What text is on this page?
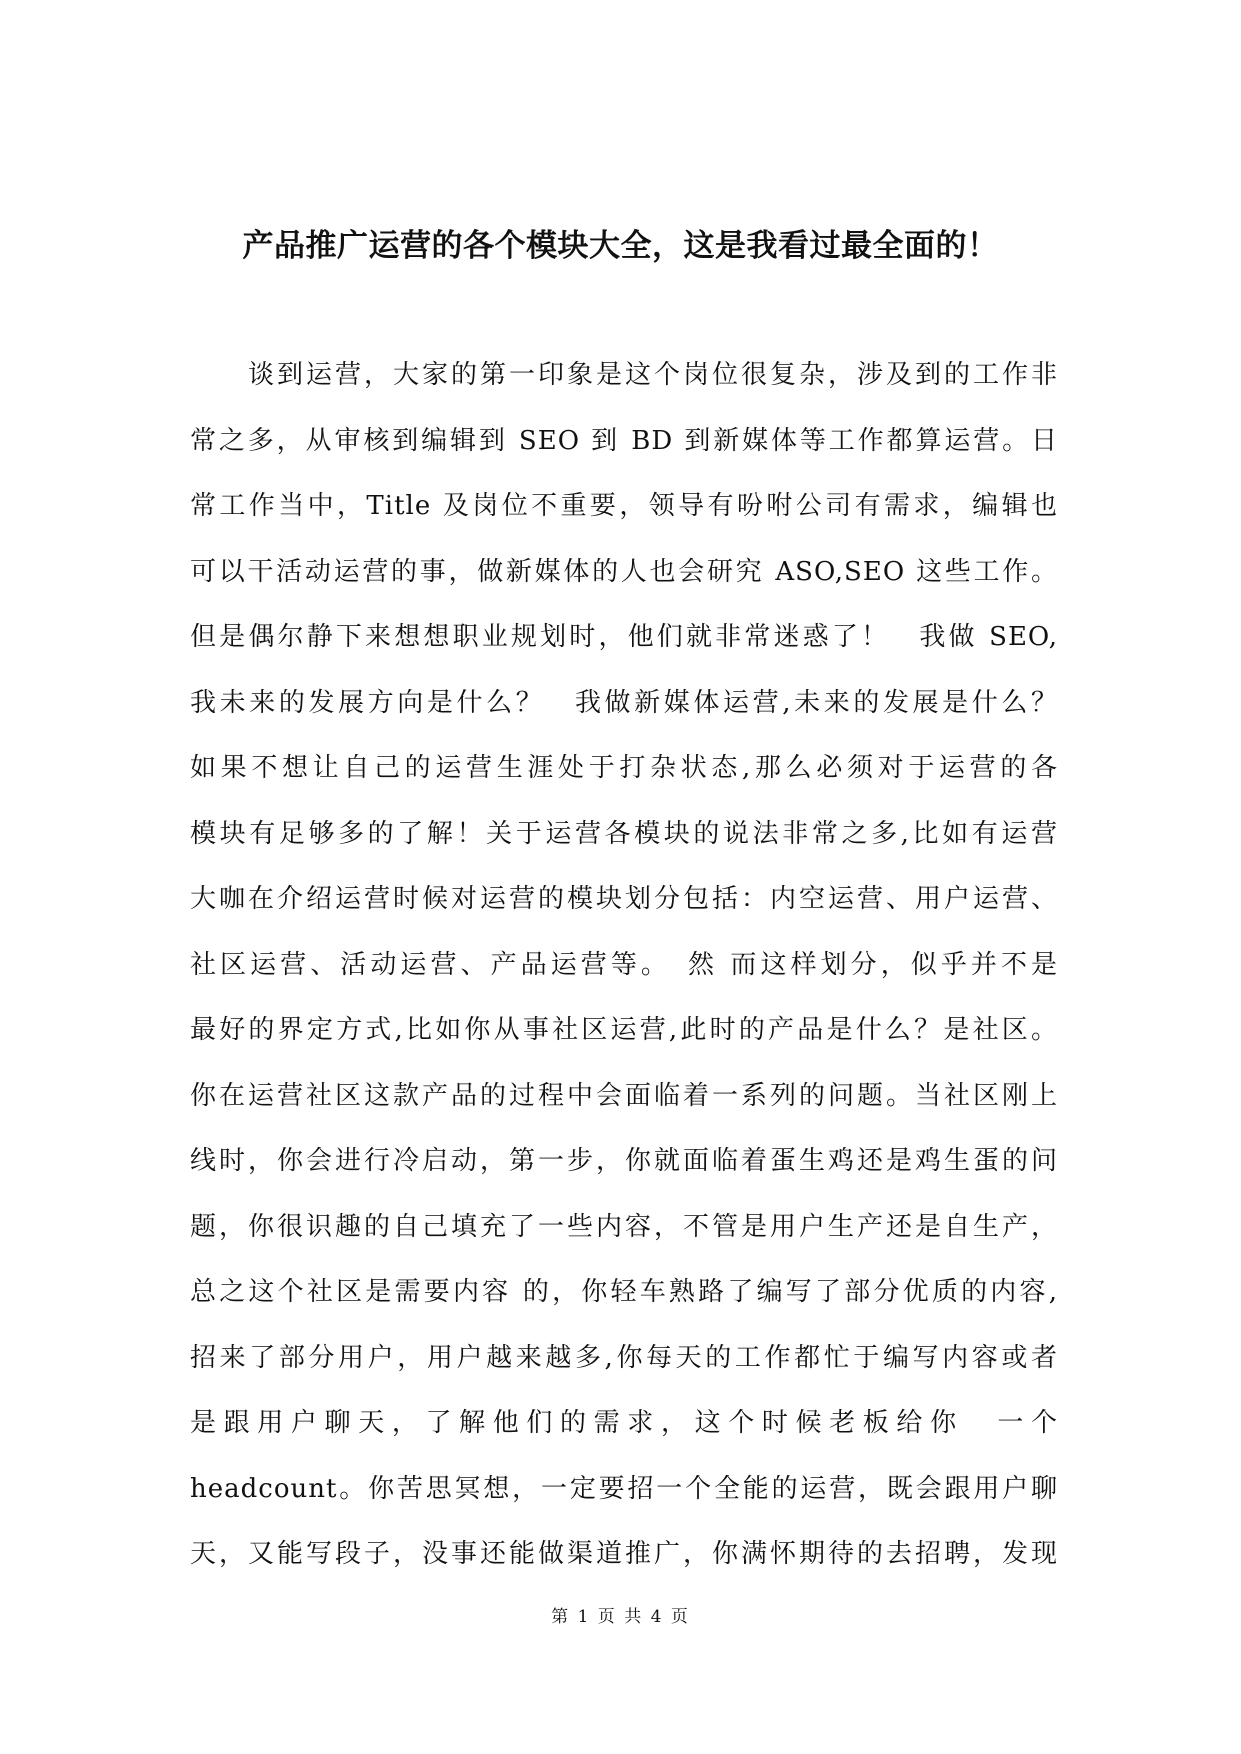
产品推广运营的各个模块大全，这是我看过最全面的！
　　谈到运营，大家的第一印象是这个岗位很复杂，涉及到的工作非
常之多，从审核到编辑到 SEO 到 BD 到新媒体等工作都算运营。日
常工作当中，Title 及岗位不重要，领导有吩咐公司有需求，编辑也
可以干活动运营的事，做新媒体的人也会研究 ASO,SEO 这些工作。
但是偶尔静下来想想职业规划时，他们就非常迷惑了！　我做 SEO,
我未来的发展方向是什么？　我做新媒体运营,未来的发展是什么？
如果不想让自己的运营生涯处于打杂状态,那么必须对于运营的各
模块有足够多的了解！关于运营各模块的说法非常之多,比如有运营
大咖在介绍运营时候对运营的模块划分包括：内空运营、用户运营、
社区运营、活动运营、产品运营等。　然 而这样划分，似乎并不是
最好的界定方式,比如你从事社区运营,此时的产品是什么？是社区。
你在运营社区这款产品的过程中会面临着一系列的问题。当社区刚上
线时，你会进行冷启动，第一步，你就面临着蛋生鸡还是鸡生蛋的问
题，你很识趣的自己填充了一些内容，不管是用户生产还是自生产，
总之这个社区是需要内容 的，你轻车熟路了编写了部分优质的内容,
招来了部分用户，用户越来越多,你每天的工作都忙于编写内容或者
是跟用户聊天，了解他们的需求，这个时候老板给你　一个
headcount。你苦思冥想，一定要招一个全能的运营，既会跟用户聊
天，又能写段子，没事还能做渠道推广，你满怀期待的去招聘，发现
第 1 页 共 4 页
